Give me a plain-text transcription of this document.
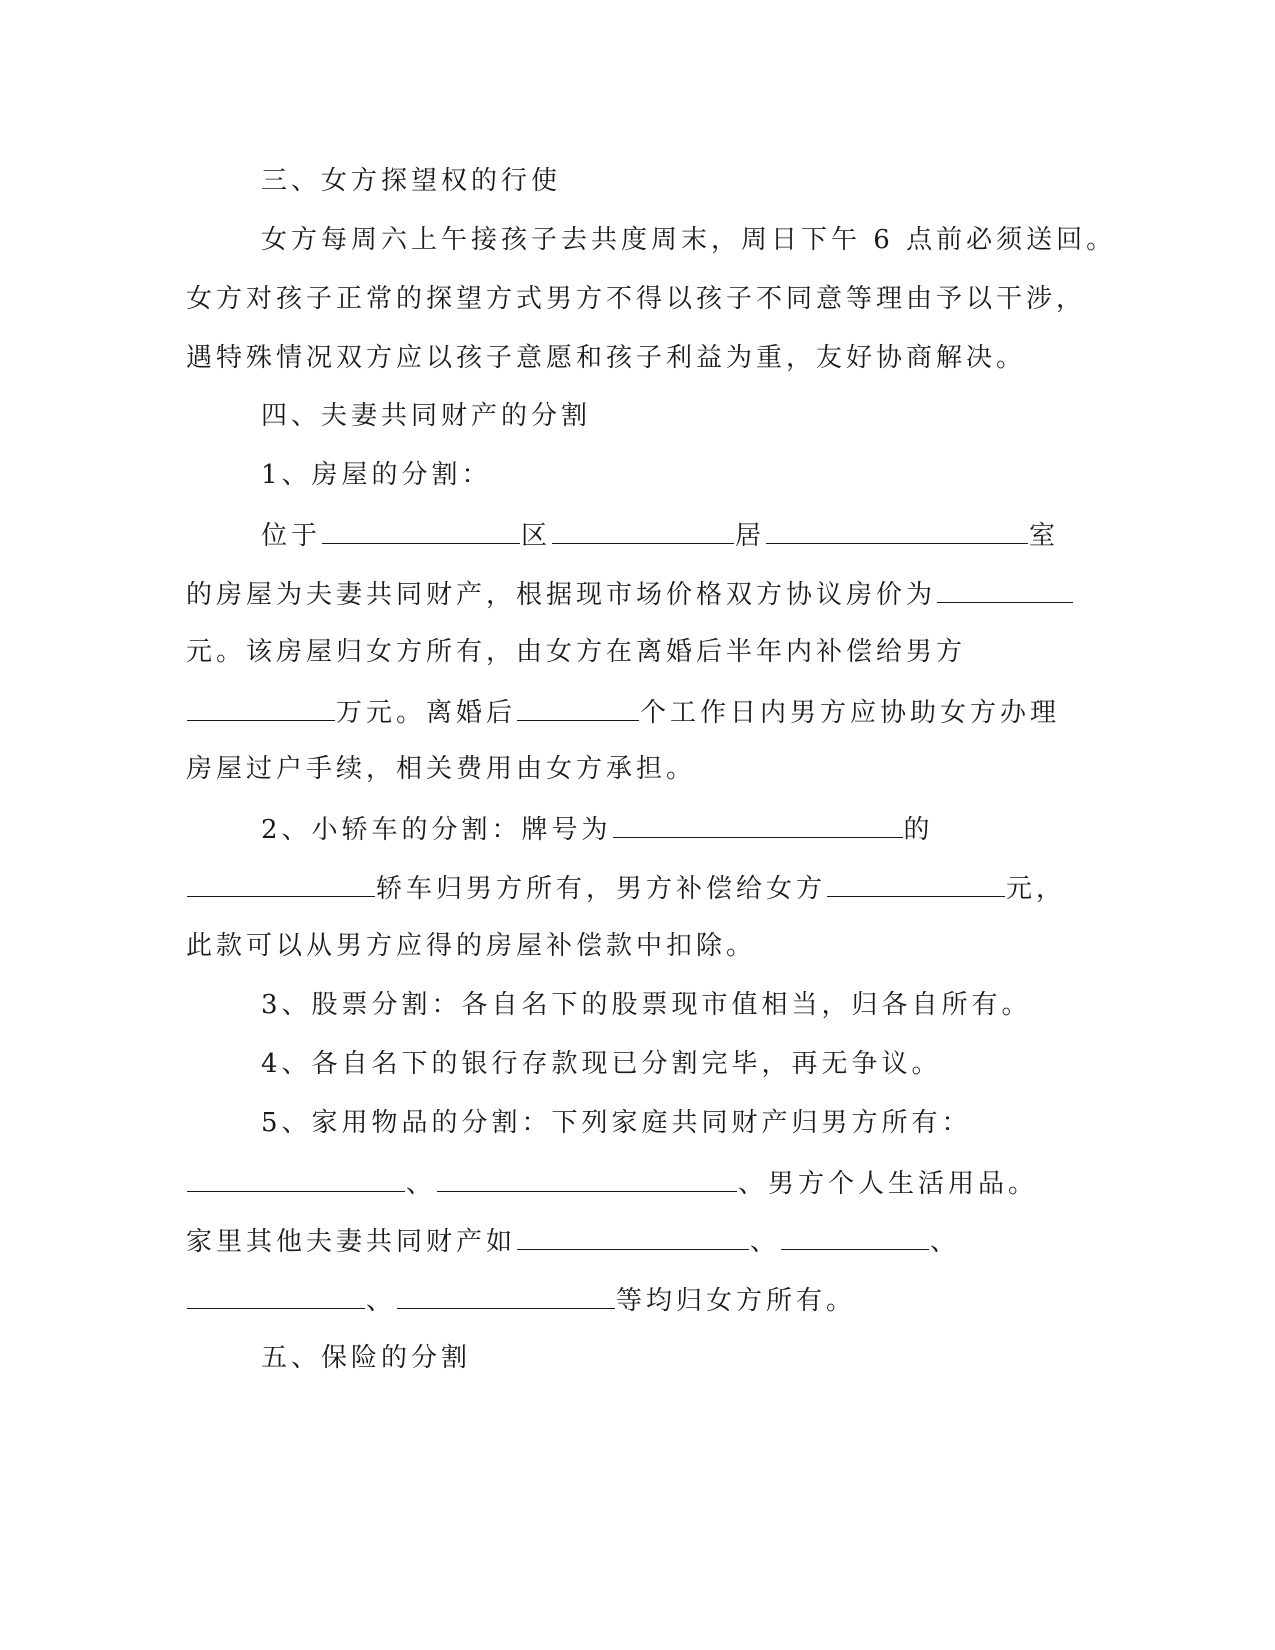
三、女方探望权的行使
女方每周六上午接孩子去共度周末，周日下午 6 点前必须送回。
女方对孩子正常的探望方式男方不得以孩子不同意等理由予以干涉，
遇特殊情况双方应以孩子意愿和孩子利益为重，友好协商解决。
四、夫妻共同财产的分割
1、房屋的分割：
位于	区	居	室
的房屋为夫妻共同财产，根据现市场价格双方协议房价为
元。该房屋归女方所有，由女方在离婚后半年内补偿给男方
万元。离婚后	个工作日内男方应协助女方办理
房屋过户手续，相关费用由女方承担。
2、小轿车的分割：牌号为	的
轿车归男方所有，男方补偿给女方	元，
此款可以从男方应得的房屋补偿款中扣除。
3、股票分割：各自名下的股票现市值相当，归各自所有。
4、各自名下的银行存款现已分割完毕，再无争议。
5、家用物品的分割：下列家庭共同财产归男方所有：
、	、男方个人生活用品。
家里其他夫妻共同财产如	、	、
、	等均归女方所有。
五、保险的分割
